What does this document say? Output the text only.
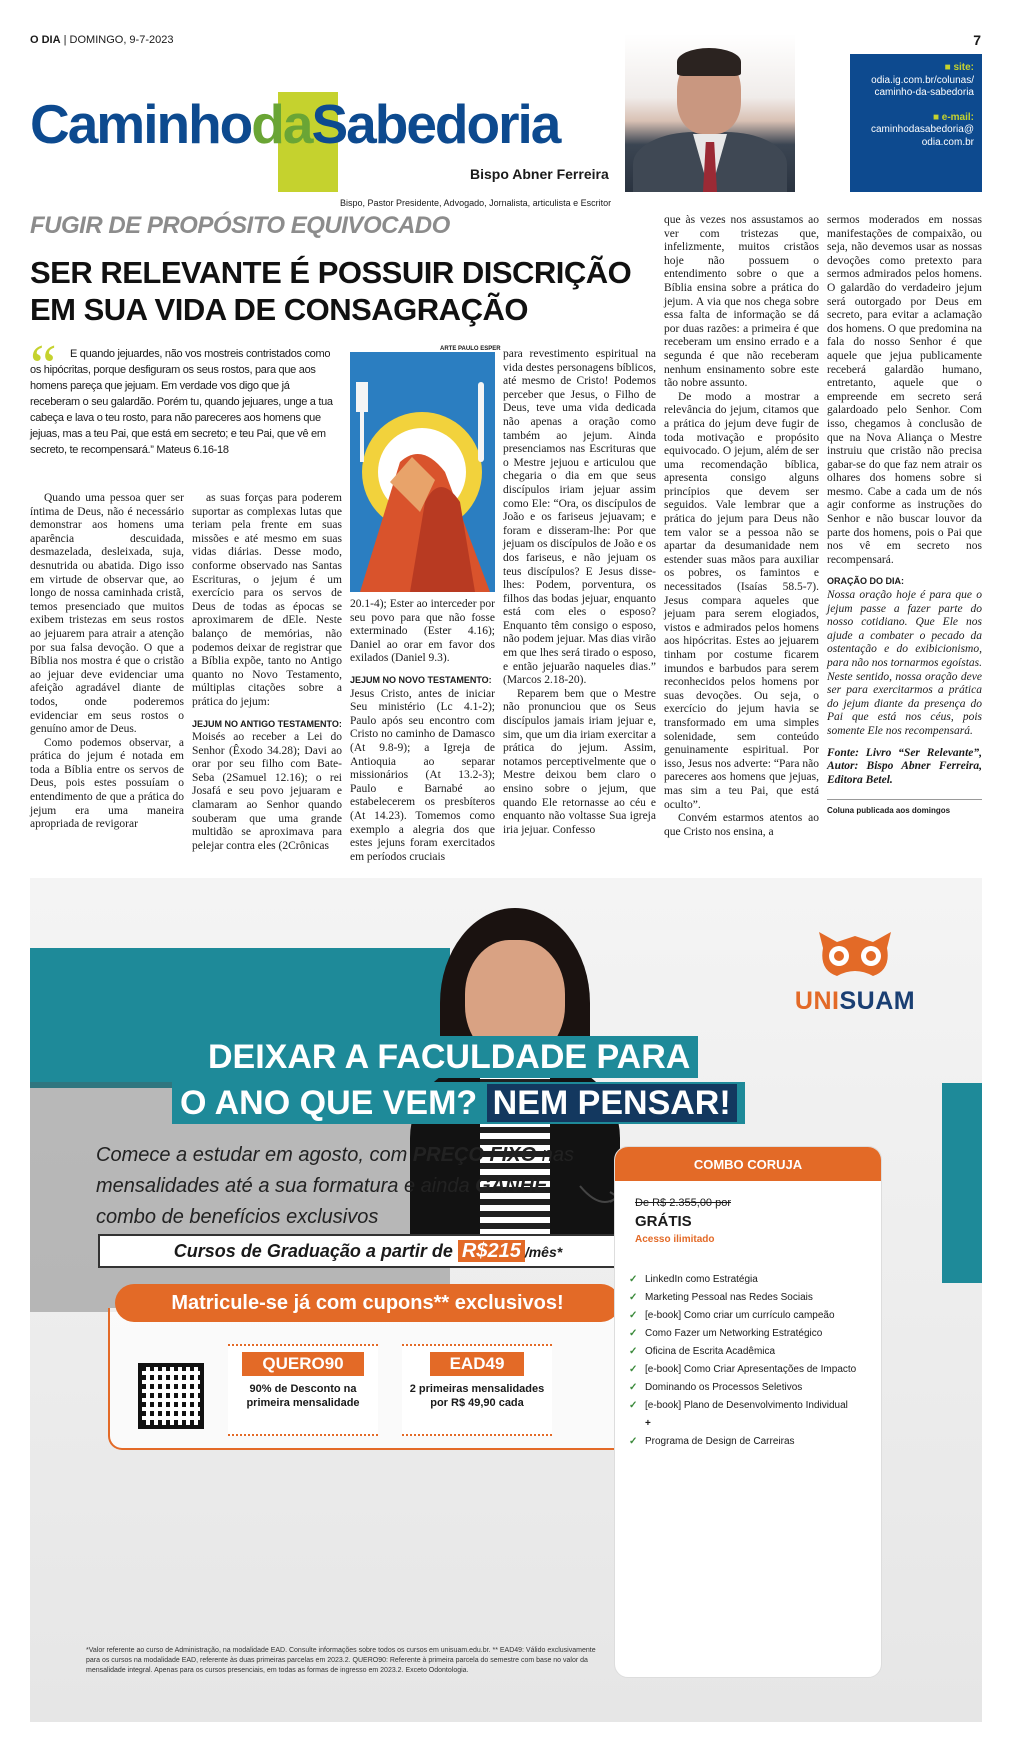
O DIA | DOMINGO, 9-7-2023	7
CaminhodaSabedoria
Bispo Abner Ferreira
■ site:
odia.ig.com.br/colunas/ caminho-da-sabedoria
■ e-mail:
caminhodasabedoria@ odia.com.br
Bispo, Pastor Presidente, Advogado, Jornalista, articulista e Escritor
FUGIR DE PROPÓSITO EQUIVOCADO
SER RELEVANTE É POSSUIR DISCRIÇÃO EM SUA VIDA DE CONSAGRAÇÃO
“	E quando jejuardes, não vos mostreis contristados como os hipócritas, porque desfiguram os seus rostos, para que aos homens pareça que jejuam. Em verdade vos digo que já receberam o seu galardão. Porém tu, quando jejuares, unge a tua cabeça e lava o teu rosto, para não pareceres aos homens que jejuas, mas a teu Pai, que está em secreto; e teu Pai, que vê em secreto, te recompensará.” Mateus 6.16-18

ARTE PAULO ESPER

Quando uma pessoa quer ser íntima de Deus, não é necessário demonstrar aos homens uma aparência descuidada, desmazelada, desleixada, suja, desnutrida ou abatida. Digo isso em virtude de observar que, ao longo de nossa caminhada cristã, temos presenciado que muitos exibem tristezas em seus rostos ao jejuarem para atrair a atenção por sua falsa devoção. O que a Bíblia nos mostra é que o cristão ao jejuar deve evidenciar uma afeição agradável diante de todos, onde poderemos evidenciar em seus rostos o genuíno amor de Deus.

Como podemos observar, a prática do jejum é notada em toda a Bíblia entre os servos de Deus, pois estes possuíam o entendimento de que a prática do jejum era uma maneira apropriada de revigorar

as suas forças para poderem suportar as complexas lutas que teriam pela frente em suas missões e até mesmo em suas vidas diárias. Desse modo, conforme observado nas Santas Escrituras, o jejum é um exercício para os servos de Deus de todas as épocas se aproximarem de dEle. Neste balanço de memórias, não podemos deixar de registrar que a Bíblia expõe, tanto no Antigo quanto no Novo Testamento, múltiplas citações sobre a prática do jejum:

JEJUM NO ANTIGO TESTAMENTO:

Moisés ao receber a Lei do Senhor (Êxodo 34.28); Davi ao orar por seu filho com Bate-Seba (2Samuel 12.16); o rei Josafá e seu povo jejuaram e clamaram ao Senhor quando souberam que uma grande multidão se aproximava para pelejar contra eles (2Crônicas

20.1-4); Ester ao interceder por seu povo para que não fosse exterminado (Ester 4.16); Daniel ao orar em favor dos exilados (Daniel 9.3).

JEJUM NO NOVO TESTAMENTO:

Jesus Cristo, antes de iniciar Seu ministério (Lc 4.1-2); Paulo após seu encontro com Cristo no caminho de Damasco (At 9.8-9); a Igreja de Antioquia ao separar missionários (At 13.2-3); Paulo e Barnabé ao estabelecerem os presbíteros (At 14.23). Tomemos como exemplo a alegria dos que estes jejuns foram exercitados em períodos cruciais

para revestimento espiritual na vida destes personagens bíblicos, até mesmo de Cristo! Podemos perceber que Jesus, o Filho de Deus, teve uma vida dedicada não apenas a oração como também ao jejum. Ainda presenciamos nas Escrituras que o Mestre jejuou e articulou que chegaria o dia em que seus discípulos iriam jejuar assim como Ele: “Ora, os discípulos de João e os fariseus jejuavam; e foram e disseram-lhe: Por que jejuam os discípulos de João e os dos fariseus, e não jejuam os teus discípulos? E Jesus disse-lhes: Podem, porventura, os filhos das bodas jejuar, enquanto está com eles o esposo? Enquanto têm consigo o esposo, não podem jejuar. Mas dias virão em que lhes será tirado o esposo, e então jejuarão naqueles dias.” (Marcos 2.18-20).

Reparem bem que o Mestre não pronunciou que os Seus discípulos jamais iriam jejuar e, sim, que um dia iriam exercitar a prática do jejum. Assim, notamos perceptivelmente que o Mestre deixou bem claro o ensino sobre o jejum, que quando Ele retornasse ao céu e enquanto não voltasse Sua igreja iria jejuar. Confesso

que às vezes nos assustamos ao ver com tristezas que, infelizmente, muitos cristãos hoje não possuem o entendimento sobre o que a Bíblia ensina sobre a prática do jejum. A via que nos chega sobre essa falta de informação se dá por duas razões: a primeira é que receberam um ensino errado e a segunda é que não receberam nenhum ensinamento sobre este tão nobre assunto.

De modo a mostrar a relevância do jejum, citamos que a prática do jejum deve fugir de toda motivação e propósito equivocado. O jejum, além de ser uma recomendação bíblica, apresenta consigo alguns princípios que devem ser seguidos. Vale lembrar que a prática do jejum para Deus não tem valor se a pessoa não se apartar da desumanidade nem estender suas mãos para auxiliar os pobres, os famintos e necessitados (Isaías 58.5-7). Jesus compara aqueles que jejuam para serem elogiados, vistos e admirados pelos homens aos hipócritas. Estes ao jejuarem tinham por costume ficarem imundos e barbudos para serem reconhecidos pelos homens por suas devoções. Ou seja, o exercício do jejum havia se transformado em uma simples solenidade, sem conteúdo genuinamente espiritual. Por isso, Jesus nos adverte: “Para não pareceres aos homens que jejuas, mas sim a teu Pai, que está oculto”.

Convém estarmos atentos ao que Cristo nos ensina, a

sermos moderados em nossas manifestações de compaixão, ou seja, não devemos usar as nossas devoções como pretexto para sermos admirados pelos homens. O galardão do verdadeiro jejum será outorgado por Deus em secreto, para evitar a aclamação dos homens. O que predomina na fala do nosso Senhor é que aquele que jejua publicamente receberá galardão humano, entretanto, aquele que o empreende em secreto será galardoado pelo Senhor. Com isso, chegamos à conclusão de que na Nova Aliança o Mestre instruiu que cristão não precisa gabar-se do que faz nem atrair os olhares dos homens sobre si mesmo. Cabe a cada um de nós agir conforme as instruções do Senhor e não buscar louvor da parte dos homens, pois o Pai que nos vê em secreto nos recompensará.

ORAÇÃO DO DIA:

Nossa oração hoje é para que o jejum passe a fazer parte do nosso cotidiano. Que Ele nos ajude a combater o pecado da ostentação e do exibicionismo, para não nos tornarmos egoístas. Neste sentido, nossa oração deve ser para exercitarmos a prática do jejum diante da presença do Pai que está nos céus, pois somente Ele nos recompensará.

Fonte: Livro “Ser Relevante”, Autor: Bispo Abner Ferreira, Editora Betel.

Coluna publicada aos domingos

UNISUAM
DEIXAR A FACULDADE PARA
O ANO QUE VEM? NEM PENSAR!
Comece a estudar em agosto, com PREÇO FIXO nas mensalidades até a sua formatura e ainda GANHE
combo de benefícios exclusivos
Cursos de Graduação a partir de R$215 /mês*
Matricule-se já com cupons** exclusivos!
QUERO90
90% de Desconto na primeira mensalidade
EAD49
2 primeiras mensalidades por R$ 49,90 cada
COMBO CORUJA
De R$ 2.355,00 por
GRÁTIS
Acesso ilimitado
✓ LinkedIn como Estratégia
✓ Marketing Pessoal nas Redes Sociais
✓ [e-book] Como criar um currículo campeão
✓ Como Fazer um Networking Estratégico
✓ Oficina de Escrita Acadêmica
✓ [e-book] Como Criar Apresentações de Impacto
✓ Dominando os Processos Seletivos
✓ [e-book] Plano de Desenvolvimento Individual
+
✓ Programa de Design de Carreiras
*Valor referente ao curso de Administração, na modalidade EAD. Consulte informações sobre todos os cursos em unisuam.edu.br. ** EAD49: Válido exclusivamente para os cursos na modalidade EAD, referente às duas primeiras parcelas em 2023.2. QUERO90: Referente à primeira parcela do semestre com base no valor da mensalidade integral. Apenas para os cursos presenciais, em todas as formas de ingresso em 2023.2. Exceto Odontologia.
